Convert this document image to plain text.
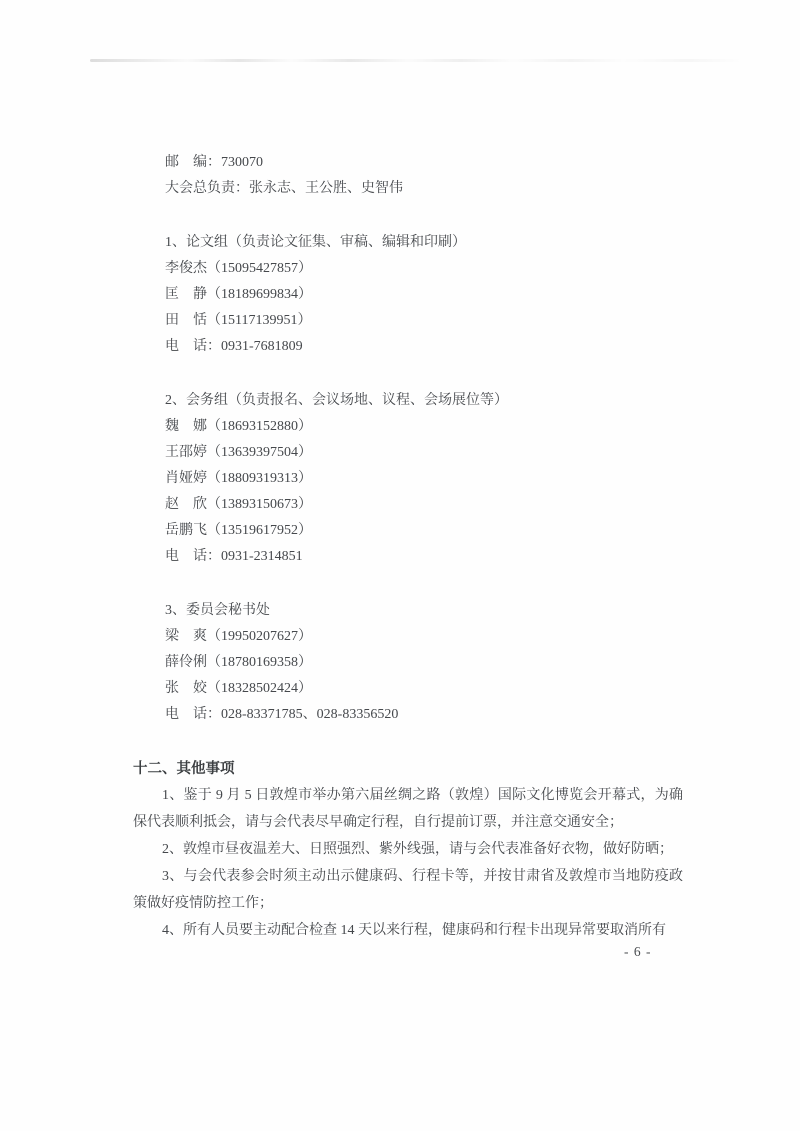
邮　编：730070

大会总负责：张永志、王公胜、史智伟

1、论文组（负责论文征集、审稿、编辑和印刷）

李俊杰（15095427857）

匡　静（18189699834）

田　恬（15117139951）

电　话：0931-7681809

2、会务组（负责报名、会议场地、议程、会场展位等）

魏　娜（18693152880）

王邵婷（13639397504）

肖娅婷（18809319313）

赵　欣（13893150673）

岳鹏飞（13519617952）

电　话：0931-2314851

3、委员会秘书处

梁　爽（19950207627）

薛伶俐（18780169358）

张　姣（18328502424）

电　话：028-83371785、028-83356520

十二、其他事项

1、鉴于 9 月 5 日敦煌市举办第六届丝绸之路（敦煌）国际文化博览会开幕式，为确保代表顺利抵会，请与会代表尽早确定行程，自行提前订票，并注意交通安全；

2、敦煌市昼夜温差大、日照强烈、紫外线强，请与会代表准备好衣物，做好防晒；

3、与会代表参会时须主动出示健康码、行程卡等，并按甘肃省及敦煌市当地防疫政策做好疫情防控工作；

4、所有人员要主动配合检查 14 天以来行程，健康码和行程卡出现异常要取消所有

- 6 -
